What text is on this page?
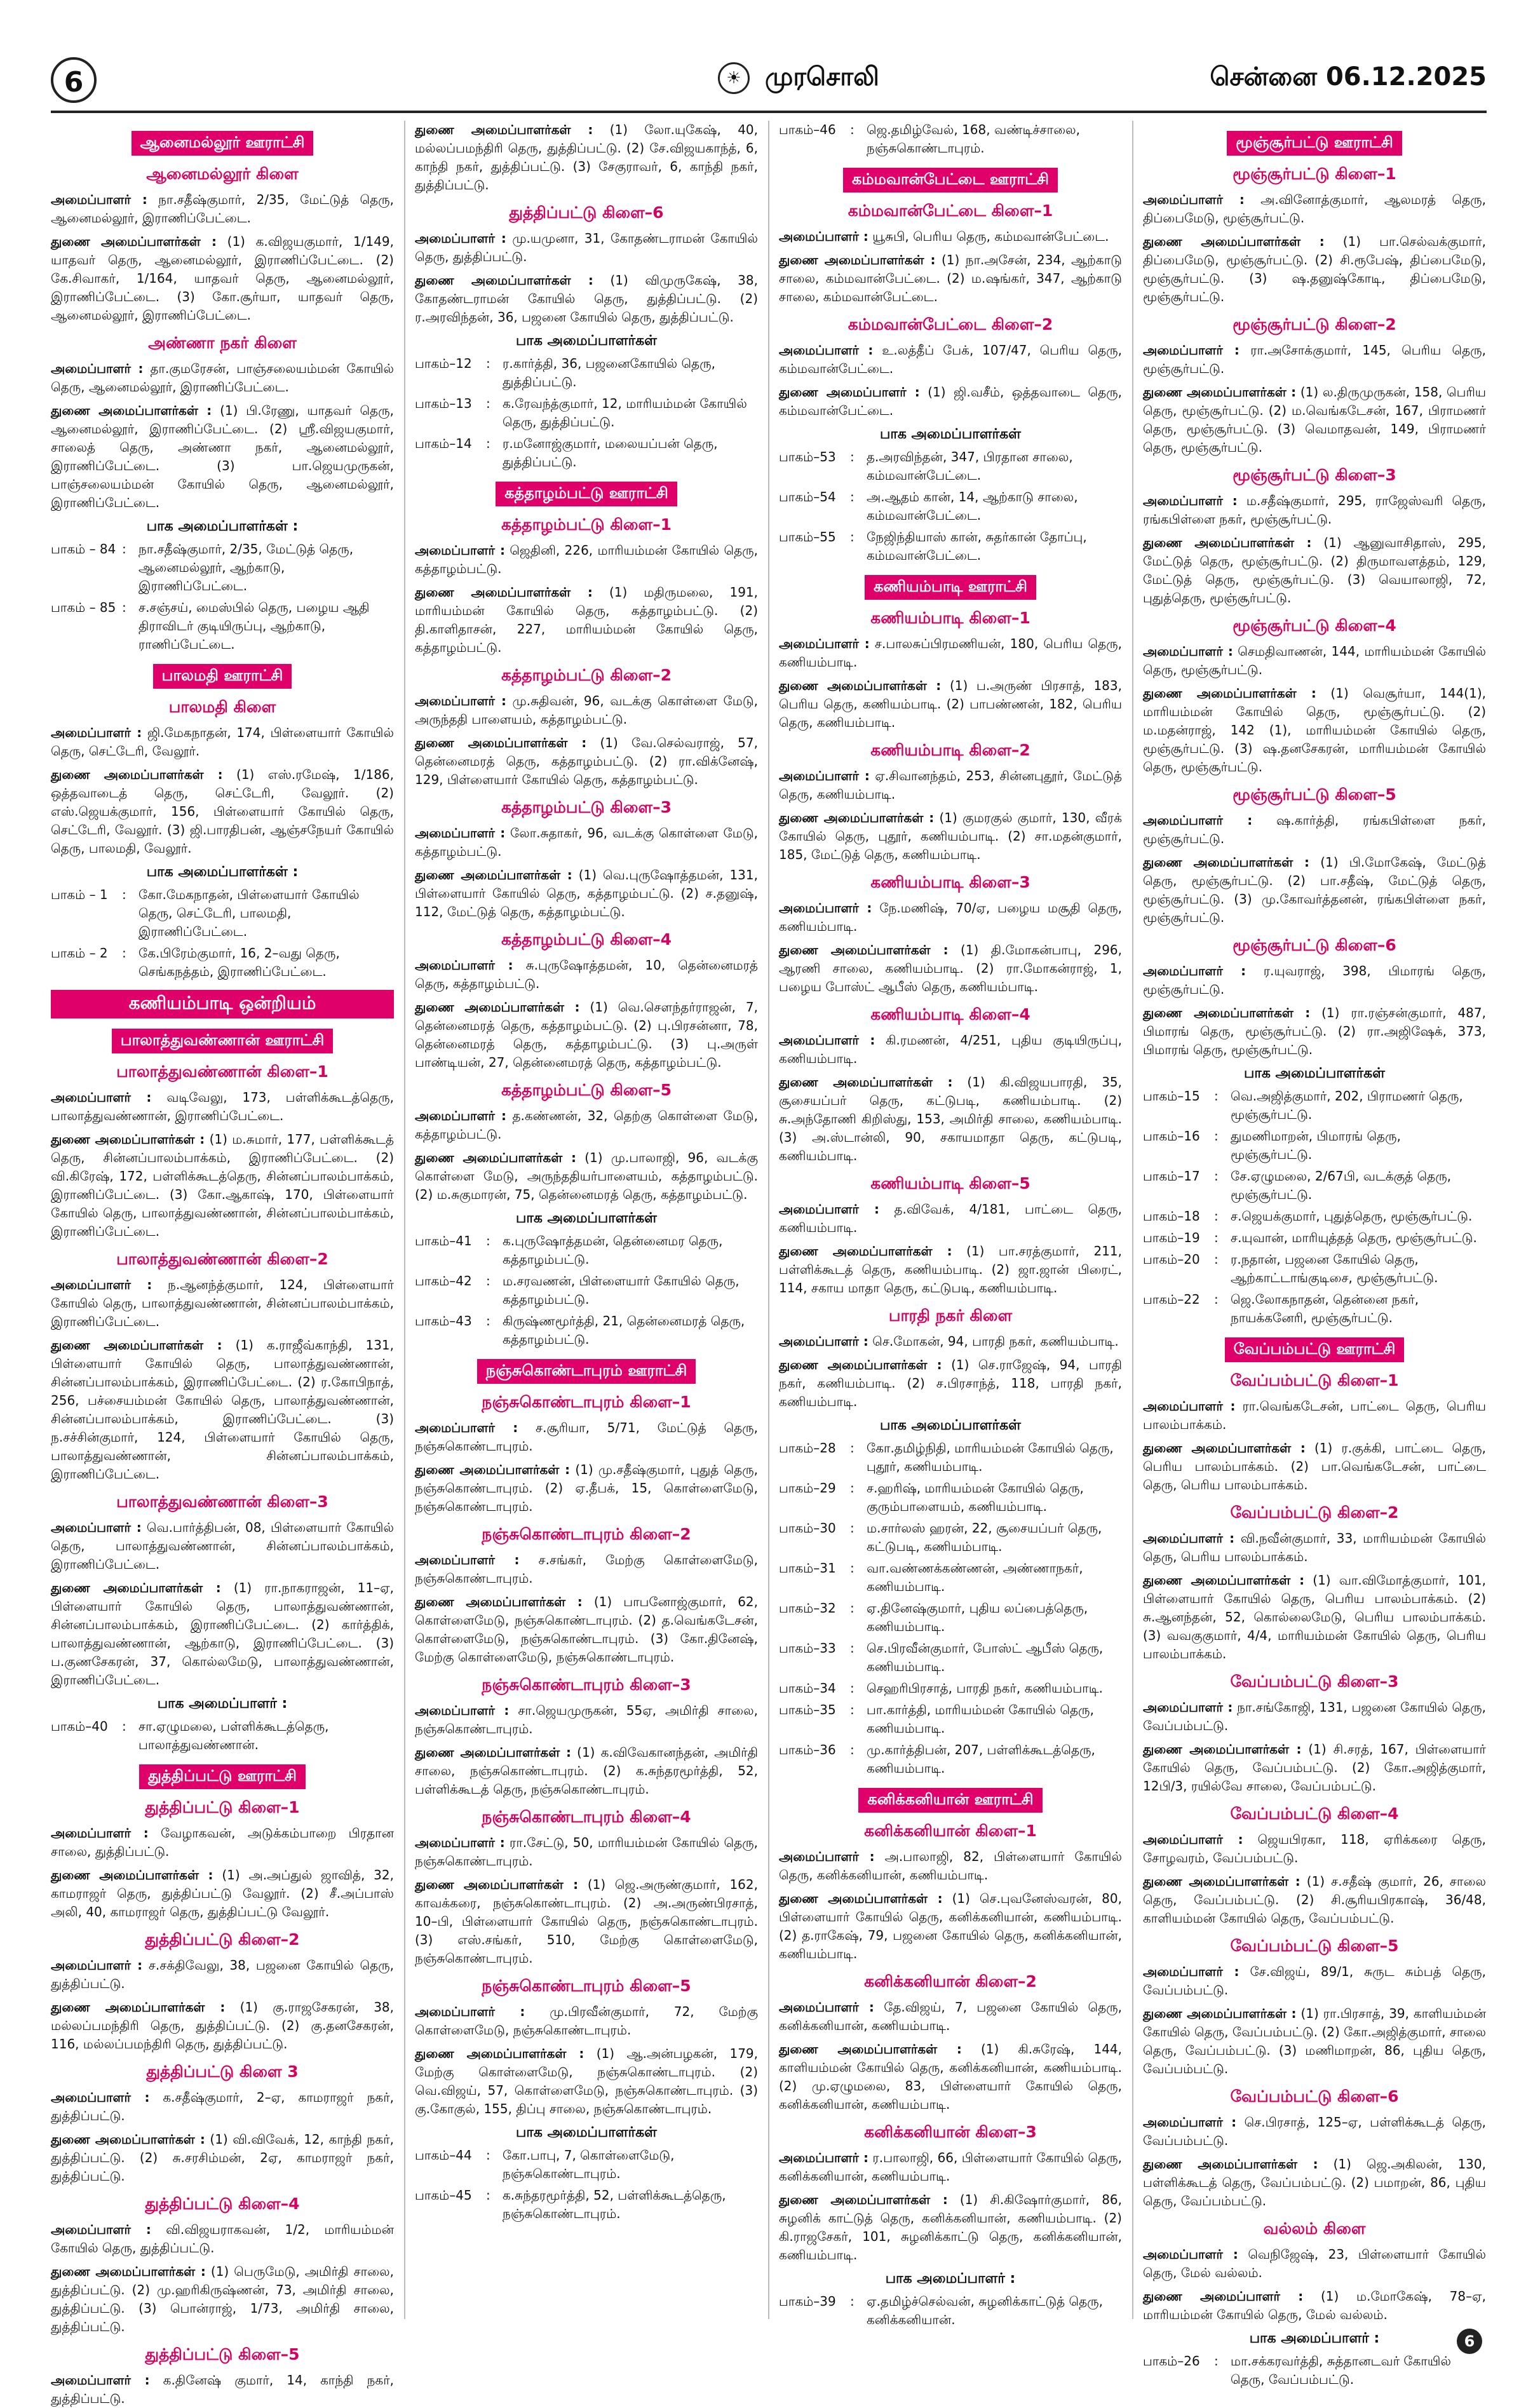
6	☀ முரசொலி	சென்னை 06.12.2025
ஆனைமல்லூர் ஊராட்சி
ஆனைமல்லூர் கிளை

அமைப்பாளர் : நா.சதீஷ்குமார், 2/35, மேட்டுத் தெரு, ஆனைமல்லூர், இராணிப்பேட்டை.

துணை அமைப்பாளர்கள் : (1) க.விஜயகுமார், 1/149, யாதவர் தெரு, ஆனைமல்லூர், இராணிப்பேட்டை. (2) கே.சிவாகர், 1/164, யாதவர் தெரு, ஆனைமல்லூர், இராணிப்பேட்டை. (3) கோ.சூர்யா, யாதவர் தெரு, ஆனைமல்லூர், இராணிப்பேட்டை.

அண்ணா நகர் கிளை

அமைப்பாளர் : தா.குமரேசன், பாஞ்சலையம்மன் கோயில் தெரு, ஆனைமல்லூர், இராணிப்பேட்டை.

துணை அமைப்பாளர்கள் : (1) பி.ரேணு, யாதவர் தெரு, ஆனைமல்லூர், இராணிப்பேட்டை. (2) ஸ்ரீ.விஜயகுமார், சாலைத் தெரு, அண்ணா நகர், ஆனைமல்லூர், இராணிப்பேட்டை. (3) பா.ஜெயமுருகன், பாஞ்சலையம்மன் கோயில் தெரு, ஆனைமல்லூர், இராணிப்பேட்டை.

பாக அமைப்பாளர்கள் :
பாகம் – 84 : நா.சதீஷ்குமார், 2/35, மேட்டுத் தெரு, ஆனைமல்லூர், ஆற்காடு, இராணிப்பேட்டை.
பாகம் – 85 : ச.சஞ்சய், மைஸ்பில் தெரு, பழைய ஆதி திராவிடர் குடியிருப்பு, ஆற்காடு, ராணிப்பேட்டை.
பாலமதி ஊராட்சி
பாலமதி கிளை

அமைப்பாளர் : ஜி.மேகநாதன், 174, பிள்ளையார் கோயில் தெரு, செட்டேரி, வேலூர்.

துணை அமைப்பாளர்கள் : (1) எஸ்.ரமேஷ், 1/186, ஒத்தவாடைத் தெரு, செட்டேரி, வேலூர். (2) எஸ்.ஜெயக்குமார், 156, பிள்ளையார் கோயில் தெரு, செட்டேரி, வேலூர். (3) ஜி.பாரதிபன், ஆஞ்சநேயர் கோயில் தெரு, பாலமதி, வேலூர்.

பாக அமைப்பாளர்கள் :
பாகம் – 1	: கோ.மேகநாதன், பிள்ளையார் கோயில் தெரு, செட்டேரி, பாலமதி, இராணிப்பேட்டை.
பாகம் – 2	: கே.பிரேம்குமார், 16, 2–வது தெரு, செங்கநத்தம், இராணிப்பேட்டை.
கணியம்பாடி ஒன்றியம்
பாலாத்துவண்ணான் ஊராட்சி
பாலாத்துவண்ணான் கிளை–1

அமைப்பாளர் : வடிவேலு, 173, பள்ளிக்கூடத்தெரு, பாலாத்துவண்ணான், இராணிப்பேட்டை.

துணை அமைப்பாளர்கள் : (1) ம.சுமார், 177, பள்ளிக்கூடத் தெரு, சின்னப்பாலம்பாக்கம், இராணிப்பேட்டை. (2) வி.கிரேஷ், 172, பள்ளிக்கூடத்தெரு, சின்னப்பாலம்பாக்கம், இராணிப்பேட்டை. (3) கோ.ஆகாஷ், 170, பிள்ளையார் கோயில் தெரு, பாலாத்துவண்ணான், சின்னப்பாலம்பாக்கம், இராணிப்பேட்டை.

பாலாத்துவண்ணான் கிளை–2

அமைப்பாளர் : ந.ஆனந்த்குமார், 124, பிள்ளையார் கோயில் தெரு, பாலாத்துவண்ணான், சின்னப்பாலம்பாக்கம், இராணிப்பேட்டை.

துணை அமைப்பாளர்கள் : (1) க.ராஜீவ்காந்தி, 131, பிள்ளையார் கோயில் தெரு, பாலாத்துவண்ணான், சின்னப்பாலம்பாக்கம், இராணிப்பேட்டை. (2) ர.கோபிநாத், 256, பச்சையம்மன் கோயில் தெரு, பாலாத்துவண்ணான், சின்னப்பாலம்பாக்கம், இராணிப்பேட்டை. (3) ந.சச்சின்குமார், 124, பிள்ளையார் கோயில் தெரு, பாலாத்துவண்ணான், சின்னப்பாலம்பாக்கம், இராணிப்பேட்டை.

பாலாத்துவண்ணான் கிளை–3

அமைப்பாளர் : வெ.பார்த்திபன், 08, பிள்ளையார் கோயில் தெரு, பாலாத்துவண்ணான், சின்னப்பாலம்பாக்கம், இராணிப்பேட்டை.

துணை அமைப்பாளர்கள் : (1) ரா.நாகராஜன், 11–ஏ, பிள்ளையார் கோயில் தெரு, பாலாத்துவண்ணான், சின்னப்பாலம்பாக்கம், இராணிப்பேட்டை. (2) கார்த்திக், பாலாத்துவண்ணான், ஆற்காடு, இராணிப்பேட்டை. (3) ப.குணசேகரன், 37, கொல்லமேடு, பாலாத்துவண்ணான், இராணிப்பேட்டை.

பாக அமைப்பாளர் :
பாகம்–40	: சா.ஏழுமலை, பள்ளிக்கூடத்தெரு, பாலாத்துவண்ணான்.
துத்திப்பட்டு ஊராட்சி
துத்திப்பட்டு கிளை–1

அமைப்பாளர் : வேழாகவன், அடுக்கம்பாறை பிரதான சாலை, துத்திப்பட்டு.

துணை அமைப்பாளர்கள் : (1) அ.அப்துல் ஜாவித், 32, காமராஜர் தெரு, துத்திப்பட்டு வேலூர். (2) சீ.அப்பாஸ் அலி, 40, காமராஜர் தெரு, துத்திப்பட்டு வேலூர்.

துத்திப்பட்டு கிளை–2

அமைப்பாளர் : ச.சக்திவேலு, 38, பஜனை கோயில் தெரு, துத்திப்பட்டு.

துணை அமைப்பாளர்கள் : (1) கு.ராஜசேகரன், 38, மல்லப்பமந்திரி தெரு, துத்திப்பட்டு. (2) கு.தனசேகரன், 116, மல்லப்பமந்திரி தெரு, துத்திப்பட்டு.

துத்திப்பட்டு கிளை 3

அமைப்பாளர் : க.சதீஷ்குமார், 2–ஏ, காமராஜர் நகர், துத்திப்பட்டு.

துணை அமைப்பாளர்கள் : (1) வி.விவேக், 12, காந்தி நகர், துத்திப்பட்டு. (2) சு.சரசிம்மன், 2ஏ, காமராஜர் நகர், துத்திப்பட்டு.

துத்திப்பட்டு கிளை–4

அமைப்பாளர் : வி.விஜயராகவன், 1/2, மாரியம்மன் கோயில் தெரு, துத்திப்பட்டு.

துணை அமைப்பாளர்கள் : (1) பெருமேடு, அமிர்தி சாலை, துத்திப்பட்டு. (2) மு.ஹரிகிருஷ்ணன், 73, அமிர்தி சாலை, துத்திப்பட்டு. (3) பொன்ராஜ், 1/73, அமிர்தி சாலை, துத்திப்பட்டு.

துத்திப்பட்டு கிளை–5

அமைப்பாளர் : க.தினேஷ் குமார், 14, காந்தி நகர், துத்திப்பட்டு.

துணை அமைப்பாளர்கள் : (1) லோ.யுகேஷ், 40, மல்லப்பமந்திரி தெரு, துத்திப்பட்டு. (2) சே.விஜயகாந்த், 6, காந்தி நகர், துத்திப்பட்டு. (3) சேகுராவர், 6, காந்தி நகர், துத்திப்பட்டு.

துத்திப்பட்டு கிளை–6

அமைப்பாளர் : மு.யமுனா, 31, கோதண்டராமன் கோயில் தெரு, துத்திப்பட்டு.

துணை அமைப்பாளர்கள் : (1) விமுருகேஷ், 38, கோதண்டராமன் கோயில் தெரு, துத்திப்பட்டு. (2) ர.அரவிந்தன், 36, பஜனை கோயில் தெரு, துத்திப்பட்டு.

பாக அமைப்பாளர்கள்
பாகம்–12	: ர.கார்த்தி, 36, பஜனைகோயில் தெரு, துத்திப்பட்டு.
பாகம்–13	: க.ரேவந்த்குமார், 12, மாரியம்மன் கோயில் தெரு, துத்திப்பட்டு.
பாகம்–14	: ர.மனோஜ்குமார், மலையப்பன் தெரு, துத்திப்பட்டு.
கத்தாழம்பட்டு ஊராட்சி
கத்தாழம்பட்டு கிளை–1

அமைப்பாளர் : ஜெதினி, 226, மாரியம்மன் கோயில் தெரு, கத்தாழம்பட்டு.

துணை அமைப்பாளர்கள் : (1) மதிருமலை, 191, மாரியம்மன் கோயில் தெரு, கத்தாழம்பட்டு. (2) தி.காளிதாசன், 227, மாரியம்மன் கோயில் தெரு, கத்தாழம்பட்டு.

கத்தாழம்பட்டு கிளை–2

அமைப்பாளர் : மு.சுதிவன், 96, வடக்கு கொள்ளை மேடு, அருந்ததி பாளையம், கத்தாழம்பட்டு.

துணை அமைப்பாளர்கள் : (1) வே.செல்வராஜ், 57, தென்னைமரத் தெரு, கத்தாழம்பட்டு. (2) ரா.விக்னேஷ், 129, பிள்ளையார் கோயில் தெரு, கத்தாழம்பட்டு.

கத்தாழம்பட்டு கிளை–3

அமைப்பாளர் : லோ.சுதாகர், 96, வடக்கு கொள்ளை மேடு, கத்தாழம்பட்டு.

துணை அமைப்பாளர்கள் : (1) வெ.புருஷோத்தமன், 131, பிள்ளையார் கோயில் தெரு, கத்தாழம்பட்டு. (2) ச.தனுஷ், 112, மேட்டுத் தெரு, கத்தாழம்பட்டு.

கத்தாழம்பட்டு கிளை–4

அமைப்பாளர் : சு.புருஷோத்தமன், 10, தென்னைமரத் தெரு, கத்தாழம்பட்டு.

துணை அமைப்பாளர்கள் : (1) வெ.சௌந்தர்ராஜன், 7, தென்னைமரத் தெரு, கத்தாழம்பட்டு. (2) பு.பிரசன்னா, 78, தென்னைமரத் தெரு, கத்தாழம்பட்டு. (3) பு.அருள் பாண்டியன், 27, தென்னைமரத் தெரு, கத்தாழம்பட்டு.

கத்தாழம்பட்டு கிளை–5

அமைப்பாளர் : த.கண்ணன், 32, தெற்கு கொள்ளை மேடு, கத்தாழம்பட்டு.

துணை அமைப்பாளர்கள் : (1) மு.பாலாஜி, 96, வடக்கு கொள்ளை மேடு, அருந்ததியர்பாளையம், கத்தாழம்பட்டு. (2) ம.சுகுமாரன், 75, தென்னைமரத் தெரு, கத்தாழம்பட்டு.

பாக அமைப்பாளர்கள்
பாகம்–41	: க.புருஷோத்தமன், தென்னைமர தெரு, கத்தாழம்பட்டு.
பாகம்–42	: ம.சரவணன், பிள்ளையார் கோயில் தெரு, கத்தாழம்பட்டு.
பாகம்–43	: கிருஷ்ணமூர்த்தி, 21, தென்னைமரத் தெரு, கத்தாழம்பட்டு.
நஞ்சுகொண்டாபுரம் ஊராட்சி
நஞ்சுகொண்டாபுரம் கிளை–1

அமைப்பாளர் : ச.சூரியா, 5/71, மேட்டுத் தெரு, நஞ்சுகொண்டாபுரம்.

துணை அமைப்பாளர்கள் : (1) மு.சதீஷ்குமார், புதுத் தெரு, நஞ்சுகொண்டாபுரம். (2) ஏ.தீபக், 15, கொள்ளைமேடு, நஞ்சுகொண்டாபுரம்.

நஞ்சுகொண்டாபுரம் கிளை–2

அமைப்பாளர் : ச.சங்கர், மேற்கு கொள்ளைமேடு, நஞ்சுகொண்டாபுரம்.

துணை அமைப்பாளர்கள் : (1) பாபனோஜ்குமார், 62, கொள்ளைமேடு, நஞ்சுகொண்டாபுரம். (2) த.வெங்கடேசன், கொள்ளைமேடு, நஞ்சுகொண்டாபுரம். (3) கோ.தினேஷ், மேற்கு கொள்ளைமேடு, நஞ்சுகொண்டாபுரம்.

நஞ்சுகொண்டாபுரம் கிளை–3

அமைப்பாளர் : சா.ஜெயமுருகன், 55ஏ, அமிர்தி சாலை, நஞ்சுகொண்டாபுரம்.

துணை அமைப்பாளர்கள் : (1) க.விவேகானந்தன், அமிர்தி சாலை, நஞ்சுகொண்டாபுரம். (2) க.சுந்தரமூர்த்தி, 52, பள்ளிக்கூடத் தெரு, நஞ்சுகொண்டாபுரம்.

நஞ்சுகொண்டாபுரம் கிளை–4

அமைப்பாளர் : ரா.சேட்டு, 50, மாரியம்மன் கோயில் தெரு, நஞ்சுகொண்டாபுரம்.

துணை அமைப்பாளர்கள் : (1) ஜெ.அருண்குமார், 162, காவக்கரை, நஞ்சுகொண்டாபுரம். (2) அ.அருண்பிரசாத், 10–பி, பிள்ளையார் கோயில் தெரு, நஞ்சுகொண்டாபுரம். (3) எஸ்.சங்கர், 510, மேற்கு கொள்ளைமேடு, நஞ்சுகொண்டாபுரம்.

நஞ்சுகொண்டாபுரம் கிளை–5

அமைப்பாளர் : மு.பிரவீன்குமார், 72, மேற்கு கொள்ளைமேடு, நஞ்சுகொண்டாபுரம்.

துணை அமைப்பாளர்கள் : (1) ஆ.அன்பழகன், 179, மேற்கு கொள்ளைமேடு, நஞ்சுகொண்டாபுரம். (2) வெ.விஜய், 57, கொள்ளைமேடு, நஞ்சுகொண்டாபுரம். (3) கு.கோகுல், 155, திப்பு சாலை, நஞ்சுகொண்டாபுரம்.

பாக அமைப்பாளர்கள்
பாகம்–44	: கோ.பாபு, 7, கொள்ளைமேடு, நஞ்சுகொண்டாபுரம்.
பாகம்–45	: க.சுந்தரமூர்த்தி, 52, பள்ளிக்கூடத்தெரு, நஞ்சுகொண்டாபுரம்.
பாகம்–46	: ஜெ.தமிழ்வேல், 168, வண்டிச்சாலை, நஞ்சுகொண்டாபுரம்.
கம்மவான்பேட்டை ஊராட்சி
கம்மவான்பேட்டை கிளை–1

அமைப்பாளர் : யூசுபி, பெரிய தெரு, கம்மவான்பேட்டை.

துணை அமைப்பாளர்கள் : (1) நா.அசேன், 234, ஆற்காடு சாலை, கம்மவான்பேட்டை. (2) ம.ஷங்கர், 347, ஆற்காடு சாலை, கம்மவான்பேட்டை.

கம்மவான்பேட்டை கிளை–2

அமைப்பாளர் : உ.லத்தீப் பேக், 107/47, பெரிய தெரு, கம்மவான்பேட்டை.

துணை அமைப்பாளர் : (1) ஜி.வசீம், ஒத்தவாடை தெரு, கம்மவான்பேட்டை.

பாக அமைப்பாளர்கள்
பாகம்–53	: த.அரவிந்தன், 347, பிரதான சாலை, கம்மவான்பேட்டை.
பாகம்–54	: அ.ஆதம் கான், 14, ஆற்காடு சாலை, கம்மவான்பேட்டை.
பாகம்–55	: நேஜிந்தியாஸ் கான், சுதர்கான் தோப்பு, கம்மவான்பேட்டை.
கணியம்பாடி ஊராட்சி
கணியம்பாடி கிளை–1

அமைப்பாளர் : ச.பாலசுப்பிரமணியன், 180, பெரிய தெரு, கணியம்பாடி.

துணை அமைப்பாளர்கள் : (1) ப.அருண் பிரசாத், 183, பெரிய தெரு, கணியம்பாடி. (2) பாபண்ணன், 182, பெரிய தெரு, கணியம்பாடி.

கணியம்பாடி கிளை–2

அமைப்பாளர் : ஏ.சிவானந்தம், 253, சின்னபுதூர், மேட்டுத் தெரு, கணியம்பாடி.

துணை அமைப்பாளர்கள் : (1) குமரகுல் குமார், 130, வீரக் கோயில் தெரு, புதூர், கணியம்பாடி. (2) சா.மதன்குமார், 185, மேட்டுத் தெரு, கணியம்பாடி.

கணியம்பாடி கிளை–3

அமைப்பாளர் : நே.மணிஷ், 70/ஏ, பழைய மசூதி தெரு, கணியம்பாடி.

துணை அமைப்பாளர்கள் : (1) தி.மோகன்பாபு, 296, ஆரணி சாலை, கணியம்பாடி. (2) ரா.மோகன்ராஜ், 1, பழைய போஸ்ட் ஆபீஸ் தெரு, கணியம்பாடி.

கணியம்பாடி கிளை–4

அமைப்பாளர் : கி.ரமணன், 4/251, புதிய குடியிருப்பு, கணியம்பாடி.

துணை அமைப்பாளர்கள் : (1) கி.விஜயபாரதி, 35, சூசையப்பர் தெரு, கட்டுபடி, கணியம்பாடி. (2) சு.அந்தோணி கிறிஸ்து, 153, அமிர்தி சாலை, கணியம்பாடி. (3) அ.ஸ்டான்லி, 90, சகாயமாதா தெரு, கட்டுபடி, கணியம்பாடி.

கணியம்பாடி கிளை–5

அமைப்பாளர் : த.விவேக், 4/181, பாட்டை தெரு, கணியம்பாடி.

துணை அமைப்பாளர்கள் : (1) பா.சரத்குமார், 211, பள்ளிக்கூடத் தெரு, கணியம்பாடி. (2) ஜா.ஜான் பிரைட், 114, சகாய மாதா தெரு, கட்டுபடி, கணியம்பாடி.

பாரதி நகர் கிளை

அமைப்பாளர் : செ.மோகன், 94, பாரதி நகர், கணியம்பாடி.

துணை அமைப்பாளர்கள் : (1) செ.ராஜேஷ், 94, பாரதி நகர், கணியம்பாடி. (2) ச.பிரசாந்த், 118, பாரதி நகர், கணியம்பாடி.

பாக அமைப்பாளர்கள்
பாகம்–28	: கோ.தமிழ்நிதி, மாரியம்மன் கோயில் தெரு, புதூர், கணியம்பாடி.
பாகம்–29	: ச.ஹரிஷ், மாரியம்மன் கோயில் தெரு, குரும்பாளையம், கணியம்பாடி.
பாகம்–30	: ம.சார்லஸ் ஹரன், 22, சூசையப்பர் தெரு, கட்டுபடி, கணியம்பாடி.
பாகம்–31	: வா.வண்ணக்கண்ணன், அண்ணாநகர், கணியம்பாடி.
பாகம்–32	: ஏ.தினேஷ்குமார், புதிய லப்பைத்தெரு, கணியம்பாடி.
பாகம்–33	: செ.பிரவீன்குமார், போஸ்ட் ஆபீஸ் தெரு, கணியம்பாடி.
பாகம்–34	: செஹரிபிரசாத், பாரதி நகர், கணியம்பாடி.
பாகம்–35	: பா.கார்த்தி, மாரியம்மன் கோயில் தெரு, கணியம்பாடி.
பாகம்–36	: மு.கார்த்திபன், 207, பள்ளிக்கூடத்தெரு, கணியம்பாடி.
கனிக்கனியான் ஊராட்சி
கனிக்கனியான் கிளை–1

அமைப்பாளர் : அ.பாலாஜி, 82, பிள்ளையார் கோயில் தெரு, கனிக்கனியான், கணியம்பாடி.

துணை அமைப்பாளர்கள் : (1) செ.புவனேஸ்வரன், 80, பிள்ளையார் கோயில் தெரு, கனிக்கனியான், கணியம்பாடி. (2) த.ராகேஷ், 79, பஜனை கோயில் தெரு, கனிக்கனியான், கணியம்பாடி.

கனிக்கனியான் கிளை–2

அமைப்பாளர் : தே.விஜய், 7, பஜனை கோயில் தெரு, கனிக்கனியான், கணியம்பாடி.

துணை அமைப்பாளர்கள் : (1) கி.சுரேஷ், 144, காளியம்மன் கோயில் தெரு, கனிக்கனியான், கணியம்பாடி. (2) மு.ஏழுமலை, 83, பிள்ளையார் கோயில் தெரு, கனிக்கனியான், கணியம்பாடி.

கனிக்கனியான் கிளை–3

அமைப்பாளர் : ர.பாலாஜி, 66, பிள்ளையார் கோயில் தெரு, கனிக்கனியான், கணியம்பாடி.

துணை அமைப்பாளர்கள் : (1) சி.கிஷோர்குமார், 86, சுழனிக் காட்டுத் தெரு, கனிக்கனியான், கணியம்பாடி. (2) கி.ராஜசேகர், 101, சுழனிக்காட்டு தெரு, கனிக்கனியான், கணியம்பாடி.

பாக அமைப்பாளர் :
பாகம்–39	: ஏ.தமிழ்ச்செல்வன், சுழனிக்காட்டுத் தெரு, கனிக்கனியான்.
மூஞ்சூர்பட்டு ஊராட்சி
மூஞ்சூர்பட்டு கிளை–1

அமைப்பாளர் : அ.வினோத்குமார், ஆலமரத் தெரு, திப்பைமேடு, மூஞ்சூர்பட்டு.

துணை அமைப்பாளர்கள் : (1) பா.செல்வக்குமார், திப்பைமேடு, மூஞ்சூர்பட்டு. (2) சி.ரூபேஷ், திப்பைமேடு, மூஞ்சூர்பட்டு. (3) ஷ.தனுஷ்கோடி, திப்பைமேடு, மூஞ்சூர்பட்டு.

மூஞ்சூர்பட்டு கிளை–2

அமைப்பாளர் : ரா.அசோக்குமார், 145, பெரிய தெரு, மூஞ்சூர்பட்டு.

துணை அமைப்பாளர்கள் : (1) ல.திருமுருகன், 158, பெரிய தெரு, மூஞ்சூர்பட்டு. (2) ம.வெங்கடேசன், 167, பிராமணர் தெரு, மூஞ்சூர்பட்டு. (3) வெமாதவன், 149, பிராமணர் தெரு, மூஞ்சூர்பட்டு.

மூஞ்சூர்பட்டு கிளை–3

அமைப்பாளர் : ம.சதீஷ்குமார், 295, ராஜேஸ்வரி தெரு, ரங்கபிள்ளை நகர், மூஞ்சூர்பட்டு.

துணை அமைப்பாளர்கள் : (1) ஆனுவாசிதாஸ், 295, மேட்டுத் தெரு, மூஞ்சூர்பட்டு. (2) திருமாவளத்தம், 129, மேட்டுத் தெரு, மூஞ்சூர்பட்டு. (3) வெயாலாஜி, 72, புதுத்தெரு, மூஞ்சூர்பட்டு.

மூஞ்சூர்பட்டு கிளை–4

அமைப்பாளர் : செமதிவாணன், 144, மாரியம்மன் கோயில் தெரு, மூஞ்சூர்பட்டு.

துணை அமைப்பாளர்கள் : (1) வெசூர்யா, 144(1), மாரியம்மன் கோயில் தெரு, மூஞ்சூர்பட்டு. (2) ம.மதன்ராஜ், 142 (1), மாரியம்மன் கோயில் தெரு, மூஞ்சூர்பட்டு. (3) ஷ.தனசேகரன், மாரியம்மன் கோயில் தெரு, மூஞ்சூர்பட்டு.

மூஞ்சூர்பட்டு கிளை–5

அமைப்பாளர் : ஷ.கார்த்தி, ரங்கபிள்ளை நகர், மூஞ்சூர்பட்டு.

துணை அமைப்பாளர்கள் : (1) பி.மோகேஷ், மேட்டுத் தெரு, மூஞ்சூர்பட்டு. (2) பா.சதீஷ், மேட்டுத் தெரு, மூஞ்சூர்பட்டு. (3) மு.கோவர்த்தனன், ரங்கபிள்ளை நகர், மூஞ்சூர்பட்டு.

மூஞ்சூர்பட்டு கிளை–6

அமைப்பாளர் : ர.யுவராஜ், 398, பிமாரங் தெரு, மூஞ்சூர்பட்டு.

துணை அமைப்பாளர்கள் : (1) ரா.ரஞ்சன்குமார், 487, பிமாரங் தெரு, மூஞ்சூர்பட்டு. (2) ரா.அஜிஷேக், 373, பிமாரங் தெரு, மூஞ்சூர்பட்டு.

பாக அமைப்பாளர்கள்
பாகம்–15	: வெ.அஜித்குமார், 202, பிராமணர் தெரு, மூஞ்சூர்பட்டு.
பாகம்–16	: துமணிமாறன், பிமாரங் தெரு, மூஞ்சூர்பட்டு.
பாகம்–17	: சே.ஏழுமலை, 2/67பி, வடக்குத் தெரு, மூஞ்சூர்பட்டு.
பாகம்–18	: ச.ஜெயக்குமார், புதுத்தெரு, மூஞ்சூர்பட்டு.
பாகம்–19	: ச.யுவான், மாரியுத்தத் தெரு, மூஞ்சூர்பட்டு.
பாகம்–20	: ர.நதான், பஜனை கோயில் தெரு, ஆற்காட்டாங்குடிசை, மூஞ்சூர்பட்டு.
பாகம்–22	: ஜெ.லோகநாதன், தென்னை நகர், நாயக்கனேரி, மூஞ்சூர்பட்டு.
வேப்பம்பட்டு ஊராட்சி
வேப்பம்பட்டு கிளை–1

அமைப்பாளர் : ரா.வெங்கடேசன், பாட்டை தெரு, பெரிய பாலம்பாக்கம்.

துணை அமைப்பாளர்கள் : (1) ர.குக்கி, பாட்டை தெரு, பெரிய பாலம்பாக்கம். (2) பா.வெங்கடேசன், பாட்டை தெரு, பெரிய பாலம்பாக்கம்.

வேப்பம்பட்டு கிளை–2

அமைப்பாளர் : வி.நவீன்குமார், 33, மாரியம்மன் கோயில் தெரு, பெரிய பாலம்பாக்கம்.

துணை அமைப்பாளர்கள் : (1) வா.விமோத்குமார், 101, பிள்ளையார் கோயில் தெரு, பெரிய பாலம்பாக்கம். (2) சு.ஆனந்தன், 52, கொல்லைமேடு, பெரிய பாலம்பாக்கம். (3) வவகுகுமார், 4/4, மாரியம்மன் கோயில் தெரு, பெரிய பாலம்பாக்கம்.

வேப்பம்பட்டு கிளை–3

அமைப்பாளர் : நா.சங்கோஜி, 131, பஜனை கோயில் தெரு, வேப்பம்பட்டு.

துணை அமைப்பாளர்கள் : (1) சி.சரத், 167, பிள்ளையார் கோயில் தெரு, வேப்பம்பட்டு. (2) கோ.அஜித்குமார், 12பி/3, ரயில்வே சாலை, வேப்பம்பட்டு.

வேப்பம்பட்டு கிளை–4

அமைப்பாளர் : ஜெயபிரகா, 118, ஏரிக்கரை தெரு, சோழவரம், வேப்பம்பட்டு.

துணை அமைப்பாளர்கள் : (1) ச.சதீஷ் குமார், 26, சாலை தெரு, வேப்பம்பட்டு. (2) சி.சூரியபிரகாஷ், 36/48, காளியம்மன் கோயில் தெரு, வேப்பம்பட்டு.

வேப்பம்பட்டு கிளை–5

அமைப்பாளர் : சே.விஜய், 89/1, சுருட சும்பத் தெரு, வேப்பம்பட்டு.

துணை அமைப்பாளர்கள் : (1) ரா.பிரசாத், 39, காளியம்மன் கோயில் தெரு, வேப்பம்பட்டு. (2) கோ.அஜித்குமார், சாலை தெரு, வேப்பம்பட்டு. (3) மணிமாறன், 86, புதிய தெரு, வேப்பம்பட்டு.

வேப்பம்பட்டு கிளை–6

அமைப்பாளர் : செ.பிரசாத், 125–ஏ, பள்ளிக்கூடத் தெரு, வேப்பம்பட்டு.

துணை அமைப்பாளர்கள் : (1) ஜெ.அகிலன், 130, பள்ளிக்கூடத் தெரு, வேப்பம்பட்டு. (2) பமாறன், 86, புதிய தெரு, வேப்பம்பட்டு.

வல்லம் கிளை

அமைப்பாளர் : வெநிஜேஷ், 23, பிள்ளையார் கோயில் தெரு, மேல் வல்லம்.

துணை அமைப்பாளர் : (1) ம.மோகேஷ், 78–ஏ, மாரியம்மன் கோயில் தெரு, மேல் வல்லம்.

பாக அமைப்பாளர் :
பாகம்–26	: மா.சக்கரவர்த்தி, சுத்தானடவர் கோயில் தெரு, வேப்பம்பட்டு.
6
